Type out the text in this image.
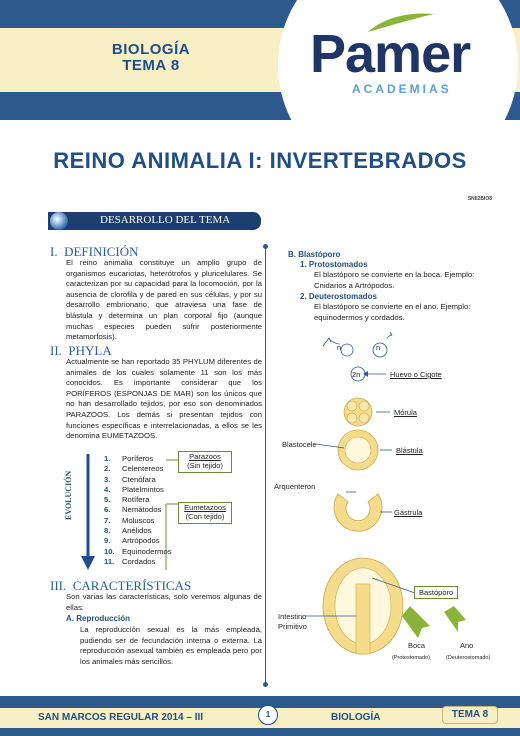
BIOLOGÍA
TEMA 8	Pamer
ACADEMIAS
REINO ANIMALIA I: INVERTEBRADOS
SNII2BIO8
DESARROLLO DEL TEMA
I. DEFINICIÓN
El reino animalia constituye un amplio grupo de organismos eucariotas, heterótrofos y pluricelulares. Se caracterizan por su capacidad para la locomoción, por la ausencia de clorofila y de pared en sus células, y por su desarrollo embrionario, que atraviesa una fase de blástula y determina un plan corporal fijo (aunque muchas especies pueden sufrir posteriormente metamorfosis).
II. PHYLA
Actualmente se han reportado 35 PHYLUM diferentes de animales de los cuales solamente 11 son los más conocidos. Es importante considerar que los PORÍFEROS (ESPONJAS DE MAR) son los únicos que no han desarrollado tejidos, por eso son denominados PARAZOOS. Los demás si presentan tejidos con funciones específicas e interrelacionadas, a ellos se les denomina EUMETAZOOS.
1. Poríferos
2. Celentereos
3. Ctenófara
4. Platelmintos
5. Rotífera
6. Nemátodos
7. Moluscos
8. Anélidos
9. Artrópodos
10. Equinodermos
11. Cordados
EVOLUCIÓN
Parazoos
(Sin tejido)
Eumetazoos
(Con tejido)
III. CARACTERÍSTICAS
Son varias las características, solo veremos algunas de ellas:
A. Reproducción
La reproducción sexual es la más empleada, pudiendo ser de fecundación interna o externa. La reproducción asexual también es empleada pero por los animales más sencillos.
B. Blastóporo
1. Protostomados
El blastóporo se convierte en la boca. Ejemplo: Cnidarios a Artrópodos.
2. Deuterostomados
El blastóporo se convierte en el ano. Ejemplo: equinodermos y cordados.
n	n
2n	Huevo o Cigote
Mórula
Blastocele
Blástula
Arquenteron
Gástrula
Bastóporo
Intestino
Primitivo
Boca
(Protestomado)
Ano
(Deuterostomado)
SAN MARCOS REGULAR 2014 – III	1	BIOLOGÍA	TEMA 8
